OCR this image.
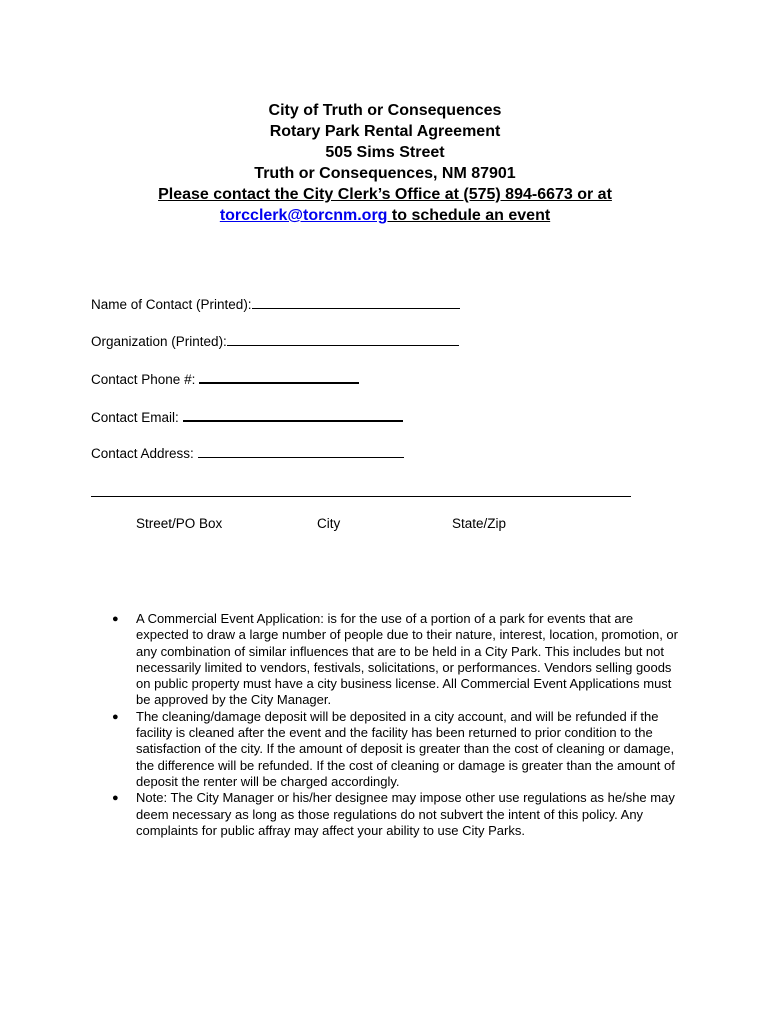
City of Truth or Consequences
Rotary Park Rental Agreement
505 Sims Street
Truth or Consequences, NM 87901
Please contact the City Clerk’s Office at (575) 894-6673 or at
torcclerk@torcnm.org to schedule an event
Name of Contact (Printed):
Organization (Printed):
Contact Phone #:
Contact Email:
Contact Address:
Street/PO Box	City	State/Zip
● A Commercial Event Application: is for the use of a portion of a park for events that are expected to draw a large number of people due to their nature, interest, location, promotion, or any combination of similar influences that are to be held in a City Park. This includes but not necessarily limited to vendors, festivals, solicitations, or performances. Vendors selling goods on public property must have a city business license. All Commercial Event Applications must be approved by the City Manager.
● The cleaning/damage deposit will be deposited in a city account, and will be refunded if the facility is cleaned after the event and the facility has been returned to prior condition to the satisfaction of the city. If the amount of deposit is greater than the cost of cleaning or damage, the difference will be refunded. If the cost of cleaning or damage is greater than the amount of deposit the renter will be charged accordingly.
● Note: The City Manager or his/her designee may impose other use regulations as he/she may deem necessary as long as those regulations do not subvert the intent of this policy. Any complaints for public affray may affect your ability to use City Parks.
